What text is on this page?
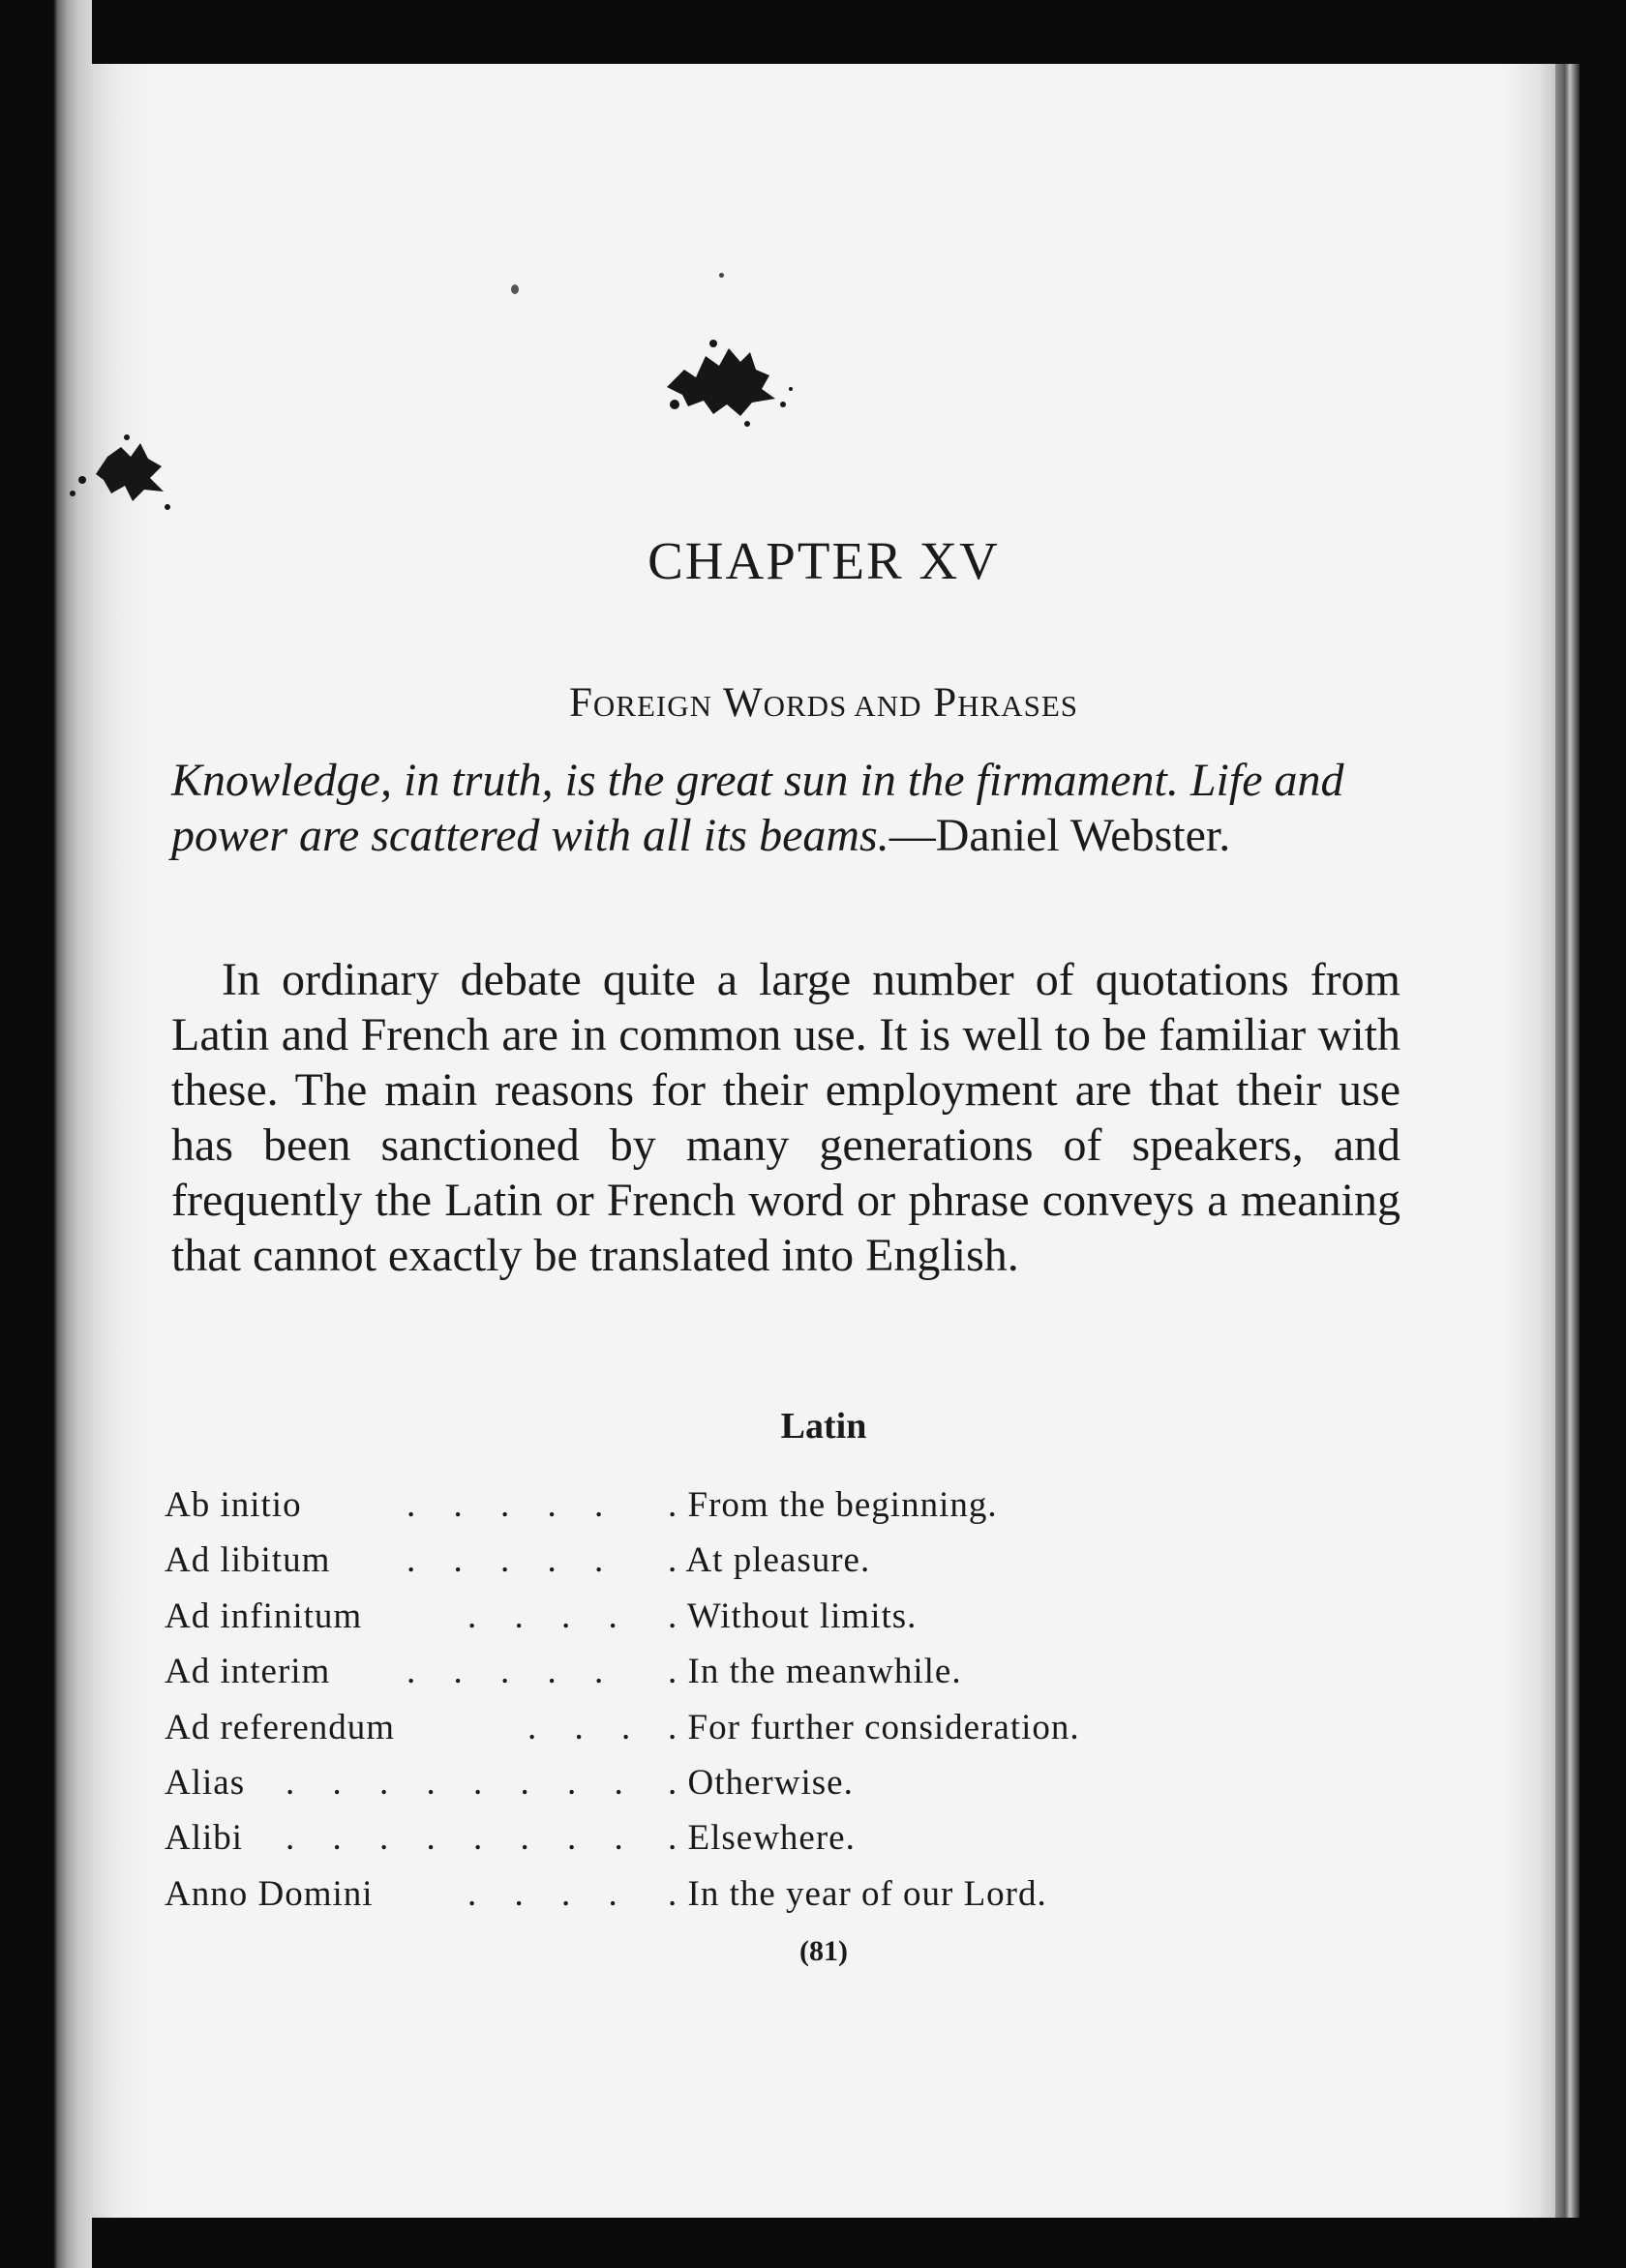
CHAPTER XV
FOREIGN WORDS AND PHRASES

Knowledge, in truth, is the great sun in the firmament. Life and power are scattered with all its beams.—Daniel Webster.

In ordinary debate quite a large number of quotations from Latin and French are in common use. It is well to be familiar with these. The main reasons for their employment are that their use has been sanctioned by many generations of speakers, and frequently the Latin or French word or phrase conveys a meaning that cannot exactly be translated into English.

Latin
Ab initio	. . . . . . From the beginning.
Ad libitum . . . . . . At pleasure.
Ad infinitum	. . . . . Without limits.
Ad interim . . . . . . In the meanwhile.
Ad referendum	. . . . For further consideration.
Alias . . . . . . . . . Otherwise.
Alibi . . . . . . . . . Elsewhere.
Anno Domini	. . . . . In the year of our Lord.

(81)
